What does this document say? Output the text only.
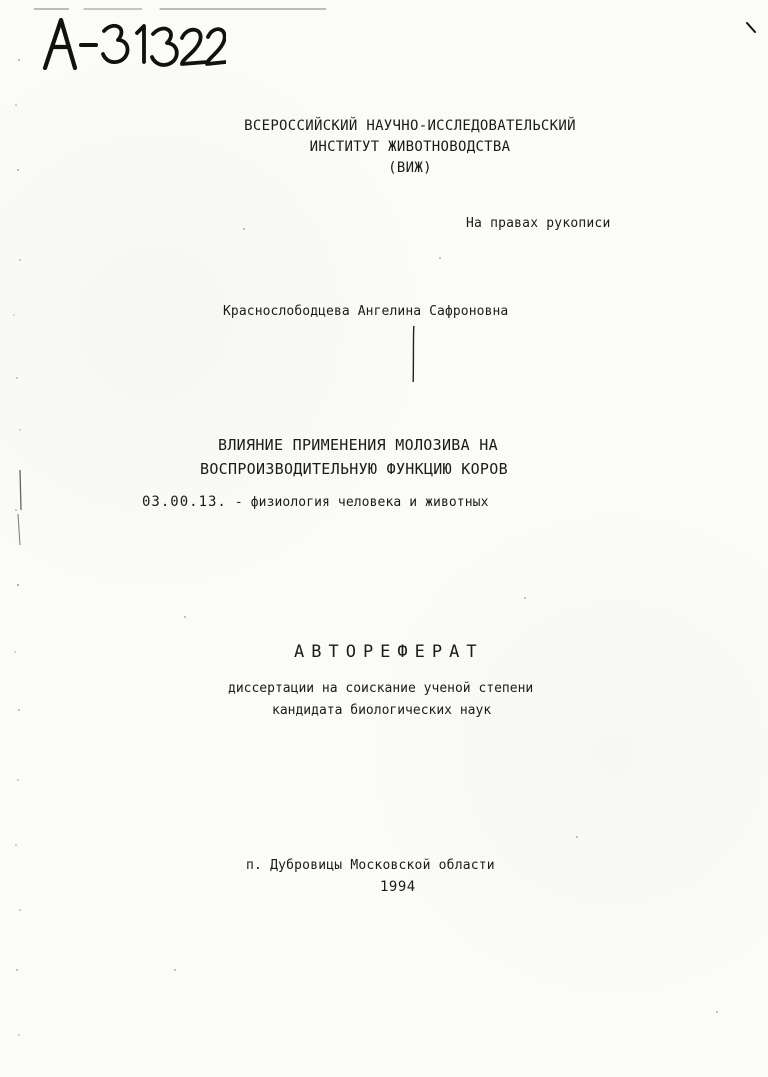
ВСЕРОССИЙСКИЙ НАУЧНО-ИССЛЕДОВАТЕЛЬСКИЙ
ИНСТИТУТ ЖИВОТНОВОДСТВА
(ВИЖ)
На правах рукописи
Краснослободцева Ангелина Сафроновна
ВЛИЯНИЕ ПРИМЕНЕНИЯ МОЛОЗИВА НА
ВОСПРОИЗВОДИТЕЛЬНУЮ ФУНКЦИЮ КОРОВ
03.00.13. - физиология человека и животных
АВТОРЕФЕРАТ
диссертации на соискание ученой степени
кандидата биологических наук
п. Дубровицы Московской области
1994
